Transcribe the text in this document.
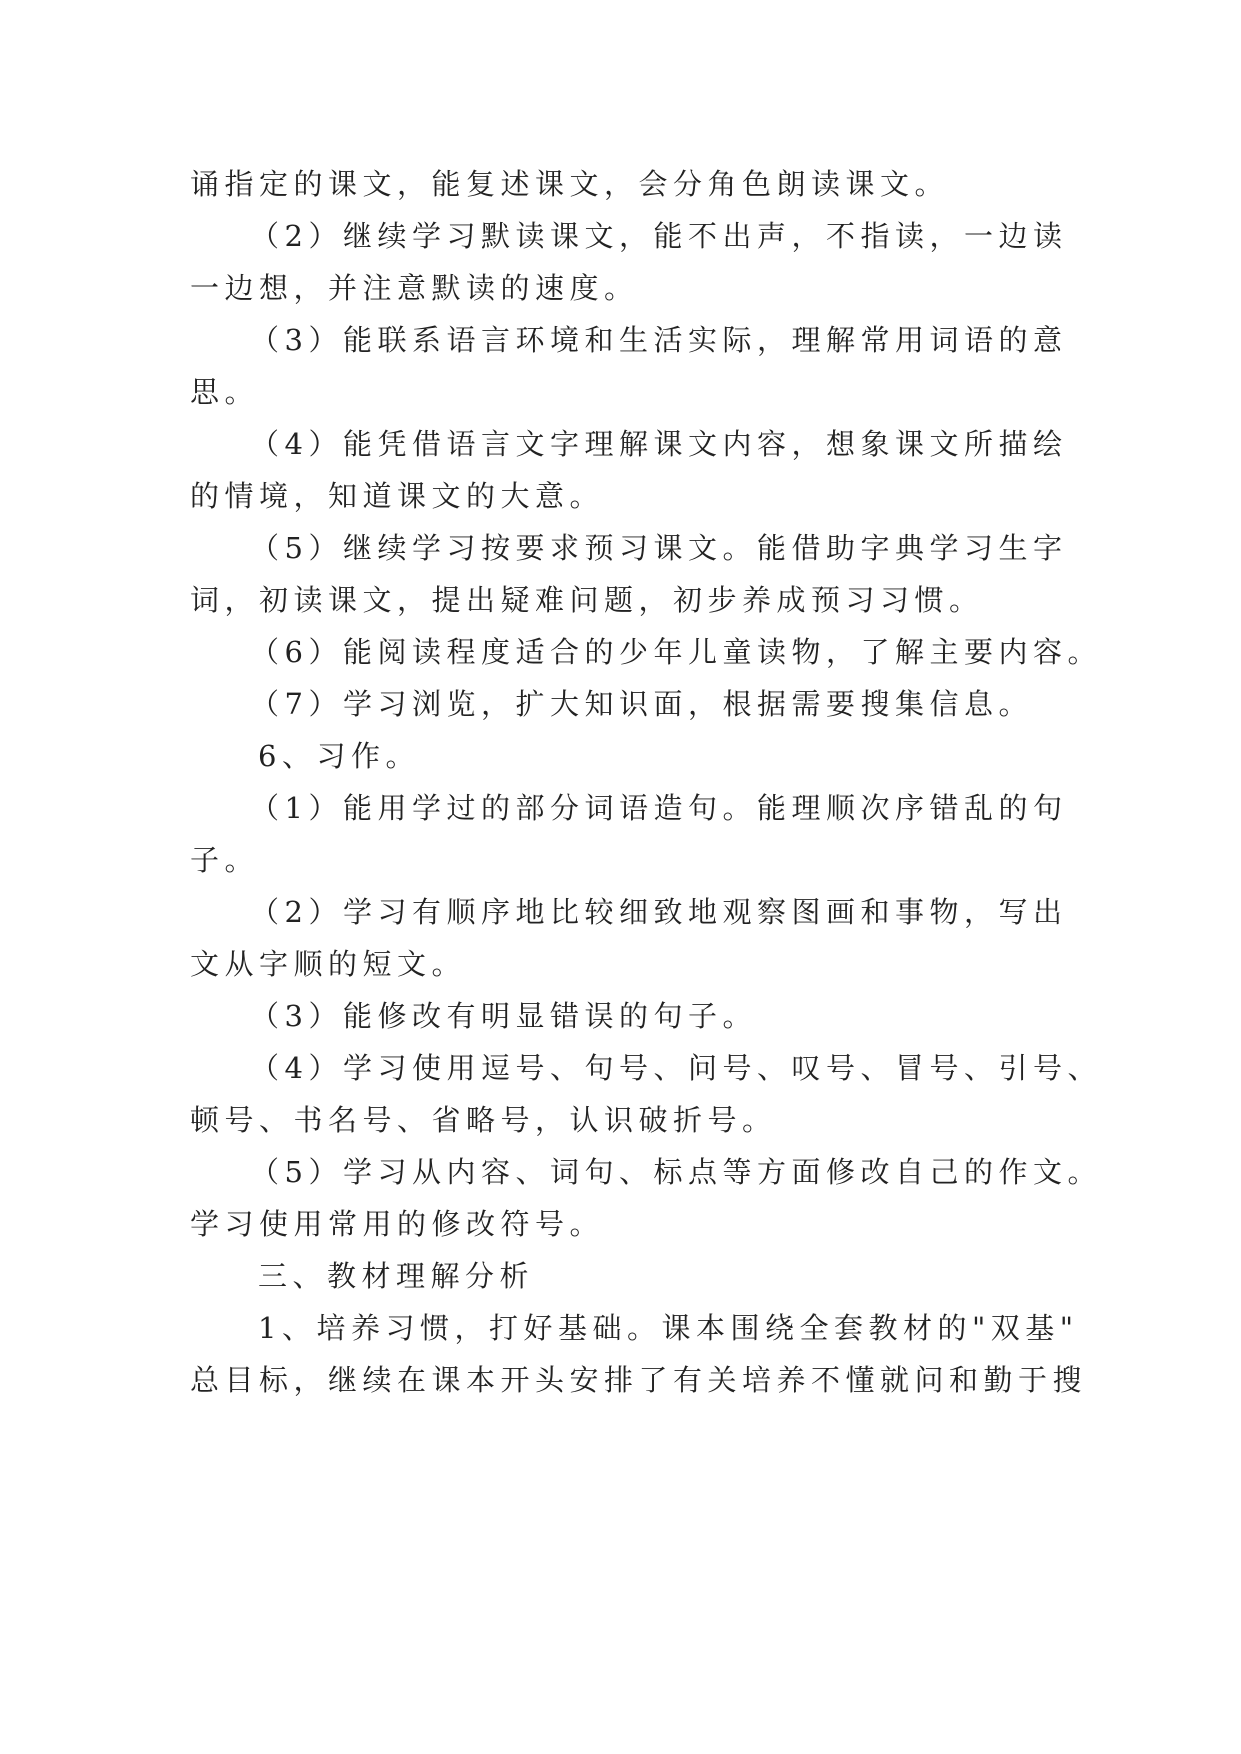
诵指定的课文，能复述课文，会分角色朗读课文。
（2）继续学习默读课文，能不出声，不指读，一边读
一边想，并注意默读的速度。
（3）能联系语言环境和生活实际，理解常用词语的意
思。
（4）能凭借语言文字理解课文内容，想象课文所描绘
的情境，知道课文的大意。
（5）继续学习按要求预习课文。能借助字典学习生字
词，初读课文，提出疑难问题，初步养成预习习惯。
（6）能阅读程度适合的少年儿童读物，了解主要内容。
（7）学习浏览，扩大知识面，根据需要搜集信息。
6、习作。
（1）能用学过的部分词语造句。能理顺次序错乱的句
子。
（2）学习有顺序地比较细致地观察图画和事物，写出
文从字顺的短文。
（3）能修改有明显错误的句子。
（4）学习使用逗号、句号、问号、叹号、冒号、引号、
顿号、书名号、省略号，认识破折号。
（5）学习从内容、词句、标点等方面修改自己的作文。
学习使用常用的修改符号。
三、教材理解分析
1、培养习惯，打好基础。课本围绕全套教材的"双基"
总目标，继续在课本开头安排了有关培养不懂就问和勤于搜
